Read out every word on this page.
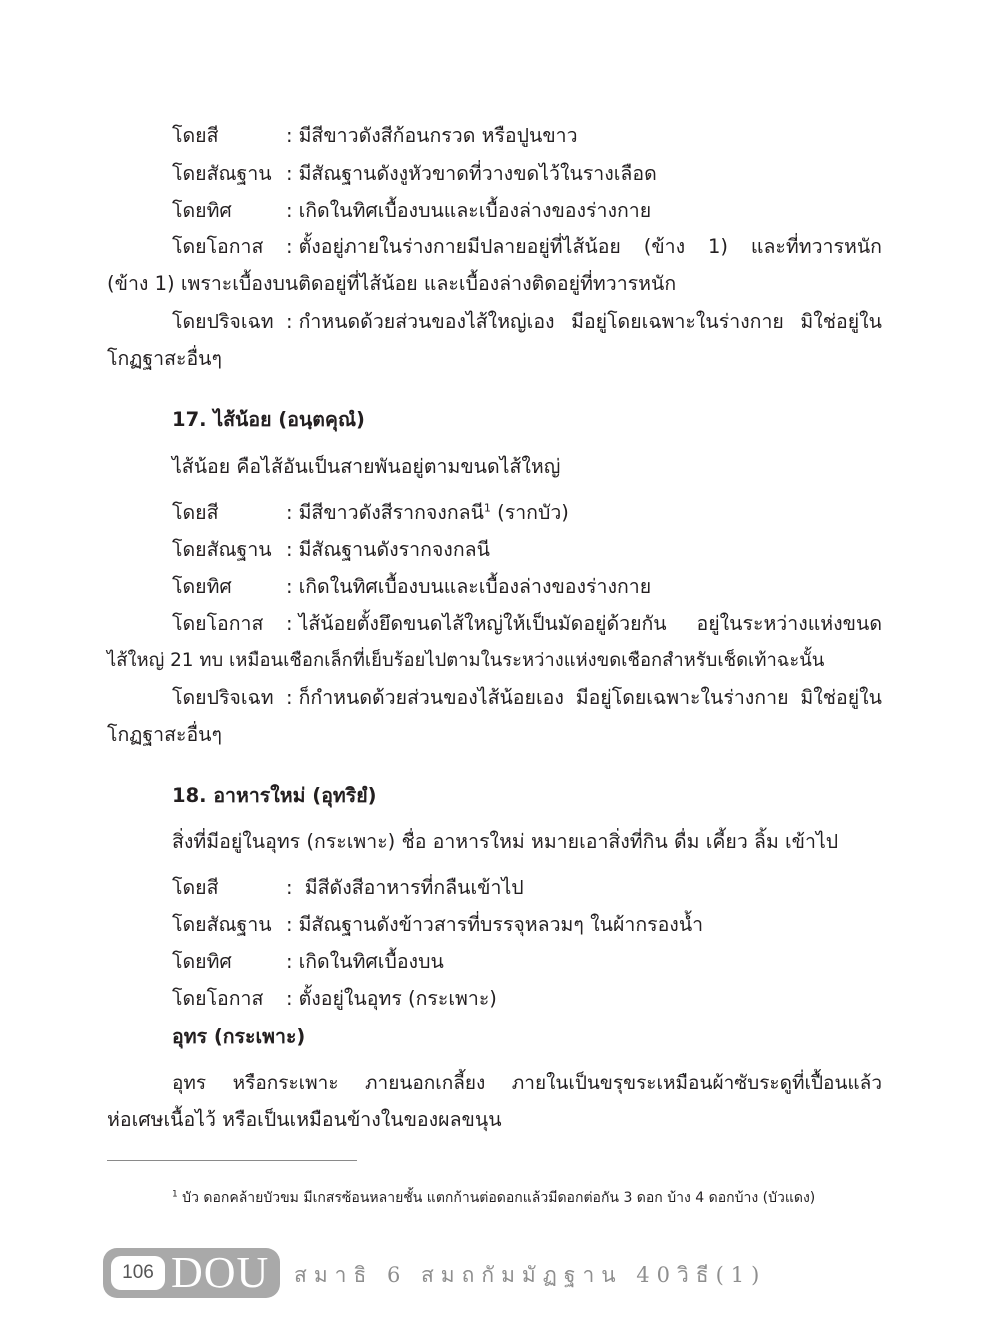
โดยสี	: มีสีขาวดังสีก้อนกรวด หรือปูนขาว
โดยสัณฐาน : มีสัณฐานดังงูหัวขาดที่วางขดไว้ในรางเลือด
โดยทิศ	: เกิดในทิศเบื้องบนและเบื้องล่างของร่างกาย
โดยโอกาส : ตั้งอยู่ภายในร่างกายมีปลายอยู่ที่ไส้น้อย (ข้าง 1) และที่ทวารหนัก
(ข้าง 1) เพราะเบื้องบนติดอยู่ที่ไส้น้อย และเบื้องล่างติดอยู่ที่ทวารหนัก
โดยปริจเฉท : กำหนดด้วยส่วนของไส้ใหญ่เอง มีอยู่โดยเฉพาะในร่างกาย มิใช่อยู่ใน
โกฏฐาสะอื่นๆ
17. ไส้น้อย (อนฺตคุณํ)
ไส้น้อย คือไส้อันเป็นสายพันอยู่ตามขนดไส้ใหญ่
โดยสี	: มีสีขาวดังสีรากจงกลนี$^1$ (รากบัว)
โดยสัณฐาน : มีสัณฐานดังรากจงกลนี
โดยทิศ	: เกิดในทิศเบื้องบนและเบื้องล่างของร่างกาย
โดยโอกาส : ไส้น้อยตั้งยึดขนดไส้ใหญ่ให้เป็นมัดอยู่ด้วยกัน อยู่ในระหว่างแห่งขนด
ไส้ใหญ่ 21 ทบ เหมือนเชือกเล็กที่เย็บร้อยไปตามในระหว่างแห่งขดเชือกสำหรับเช็ดเท้าฉะนั้น
โดยปริจเฉท : ก็กำหนดด้วยส่วนของไส้น้อยเอง มีอยู่โดยเฉพาะในร่างกาย มิใช่อยู่ใน
โกฏฐาสะอื่นๆ
18. อาหารใหม่ (อุทริยํ)
สิ่งที่มีอยู่ในอุทร (กระเพาะ) ชื่อ อาหารใหม่ หมายเอาสิ่งที่กิน ดื่ม เคี้ยว ลิ้ม เข้าไป
โดยสี	: มีสีดังสีอาหารที่กลืนเข้าไป
โดยสัณฐาน : มีสัณฐานดังข้าวสารที่บรรจุหลวมๆ ในผ้ากรองน้ำ
โดยทิศ	: เกิดในทิศเบื้องบน
โดยโอกาส : ตั้งอยู่ในอุทร (กระเพาะ)
อุทร (กระเพาะ)
อุทร หรือกระเพาะ ภายนอกเกลี้ยง ภายในเป็นขรุขระเหมือนผ้าซับระดูที่เปื้อนแล้ว
ห่อเศษเนื้อไว้ หรือเป็นเหมือนข้างในของผลขนุน
$^1$ บัว ดอกคล้ายบัวขม มีเกสรซ้อนหลายชั้น แตกก้านต่อดอกแล้วมีดอกต่อกัน 3 ดอก บ้าง 4 ดอกบ้าง (บัวแดง)
106 DOU	สมาธิ 6 สมถกัมมัฏฐาน 40วิธี(1)
